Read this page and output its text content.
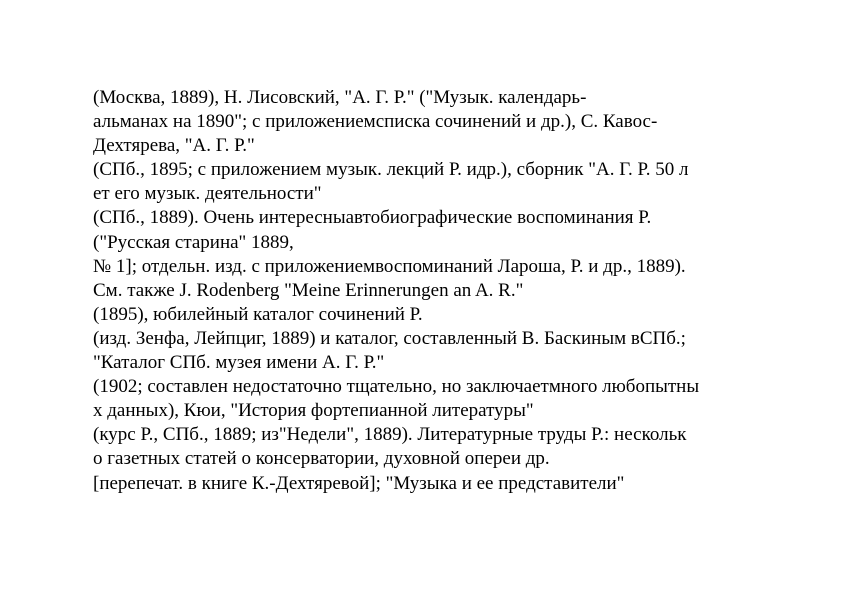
(Москва, 1889), Н. Лисовский, "А. Г. Р." ("Музык. календарь-
альманах на 1890"; с приложениемсписка сочинений и др.), С. Кавос-
Дехтярева, "А. Г. Р."
(СПб., 1895; с приложением музык. лекций Р. идр.), сборник "А. Г. Р. 50 л
ет его музык. деятельности"
(СПб., 1889). Очень интересныавтобиографические воспоминания Р.
("Русская старина" 1889,
№ 1]; отдельн. изд. с приложениемвоспоминаний Лароша, Р. и др., 1889).
См. также J. Rodenberg "Meine Erinnerungen an A. R."
(1895), юбилейный каталог сочинений Р.
(изд. Зенфа, Лейпциг, 1889) и каталог, составленный В. Баскиным вСПб.;
"Каталог СПб. музея имени А. Г. Р."
(1902; составлен недостаточно тщательно, но заключаетмного любопытны
х данных), Кюи, "История фортепианной литературы"
(курс Р., СПб., 1889; из"Недели", 1889). Литературные труды Р.: нескольк
о газетных статей о консерватории, духовной опереи др.
[перепечат. в книге К.-Дехтяревой]; "Музыка и ее представители"
